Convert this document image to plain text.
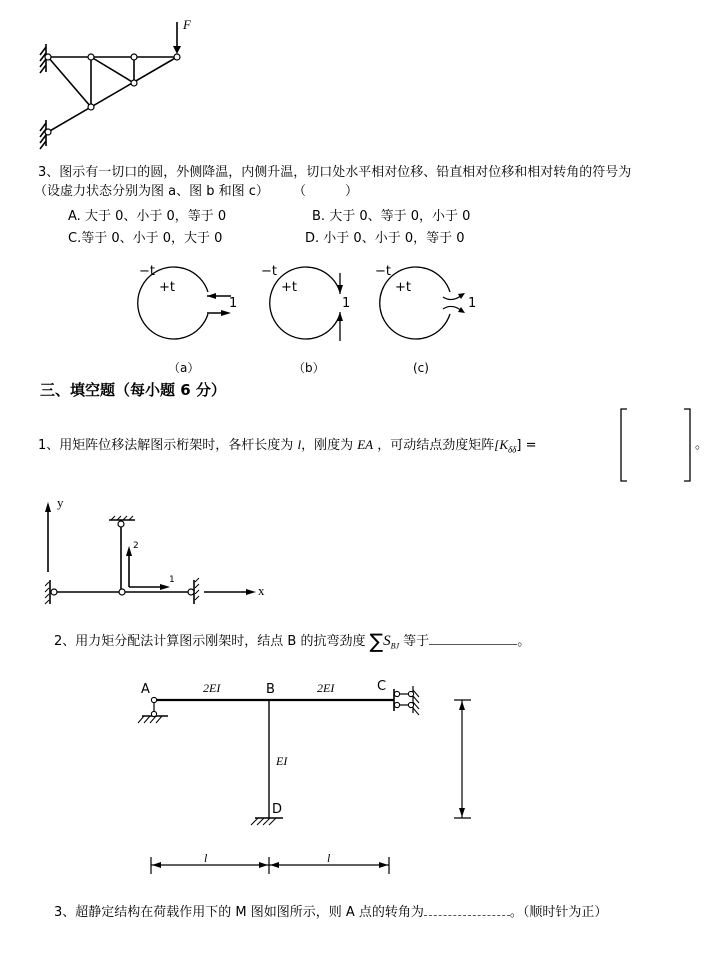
F
3、图示有一切口的圆，外侧降温，内侧升温，切口处水平相对位移、铅直相对位移和相对转角的符号为
（设虚力状态分别为图 a、图 b 和图 c） （　　　）
A. 大于 0、小于 0，等于 0	B. 大于 0、等于 0，小于 0
C.等于 0、小于 0，大于 0	D. 小于 0、小于 0，等于 0
−t
+t
1
（a）
−t
+t
1
（b）
−t
+t
1
(c)
三、填空题（每小题 6 分）
1、用矩阵位移法解图示桁架时，各杆长度为 l，刚度为 EA ，可动结点劲度矩阵$[K_{\delta\delta}]$ =	。
y
x
2
1
2、用力矩分配法计算图示刚架时，结点 B 的抗弯劲度 $\sum S_{BJ}$ 等于	。
A	B	C
D
2EI	2EI
EI
l	l
3、超静定结构在荷载作用下的 M 图如图所示，则 A 点的转角为	。（顺时针为正）
